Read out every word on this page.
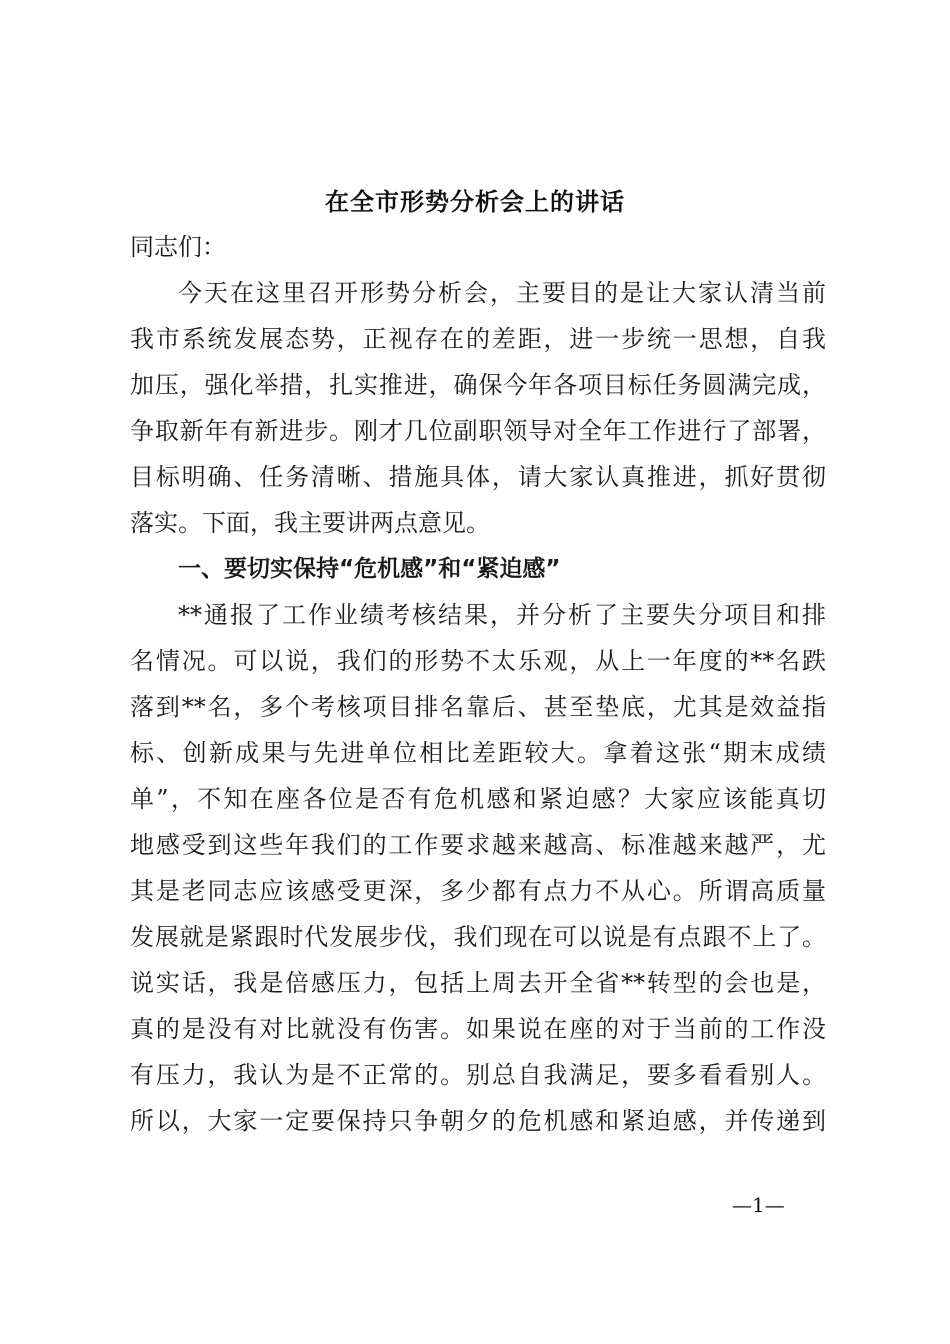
在全市形势分析会上的讲话
同志们：
今天在这里召开形势分析会，主要目的是让大家认清当前
我市系统发展态势，正视存在的差距，进一步统一思想，自我
加压，强化举措，扎实推进，确保今年各项目标任务圆满完成，
争取新年有新进步。刚才几位副职领导对全年工作进行了部署，
目标明确、任务清晰、措施具体，请大家认真推进，抓好贯彻
落实。下面，我主要讲两点意见。
一、要切实保持“危机感”和“紧迫感”
**通报了工作业绩考核结果，并分析了主要失分项目和排
名情况。可以说，我们的形势不太乐观，从上一年度的**名跌
落到**名，多个考核项目排名靠后、甚至垫底，尤其是效益指
标、创新成果与先进单位相比差距较大。拿着这张“期末成绩
单”，不知在座各位是否有危机感和紧迫感？大家应该能真切
地感受到这些年我们的工作要求越来越高、标准越来越严，尤
其是老同志应该感受更深，多少都有点力不从心。所谓高质量
发展就是紧跟时代发展步伐，我们现在可以说是有点跟不上了。
说实话，我是倍感压力，包括上周去开全省**转型的会也是，
真的是没有对比就没有伤害。如果说在座的对于当前的工作没
有压力，我认为是不正常的。别总自我满足，要多看看别人。
所以，大家一定要保持只争朝夕的危机感和紧迫感，并传递到
—1—
